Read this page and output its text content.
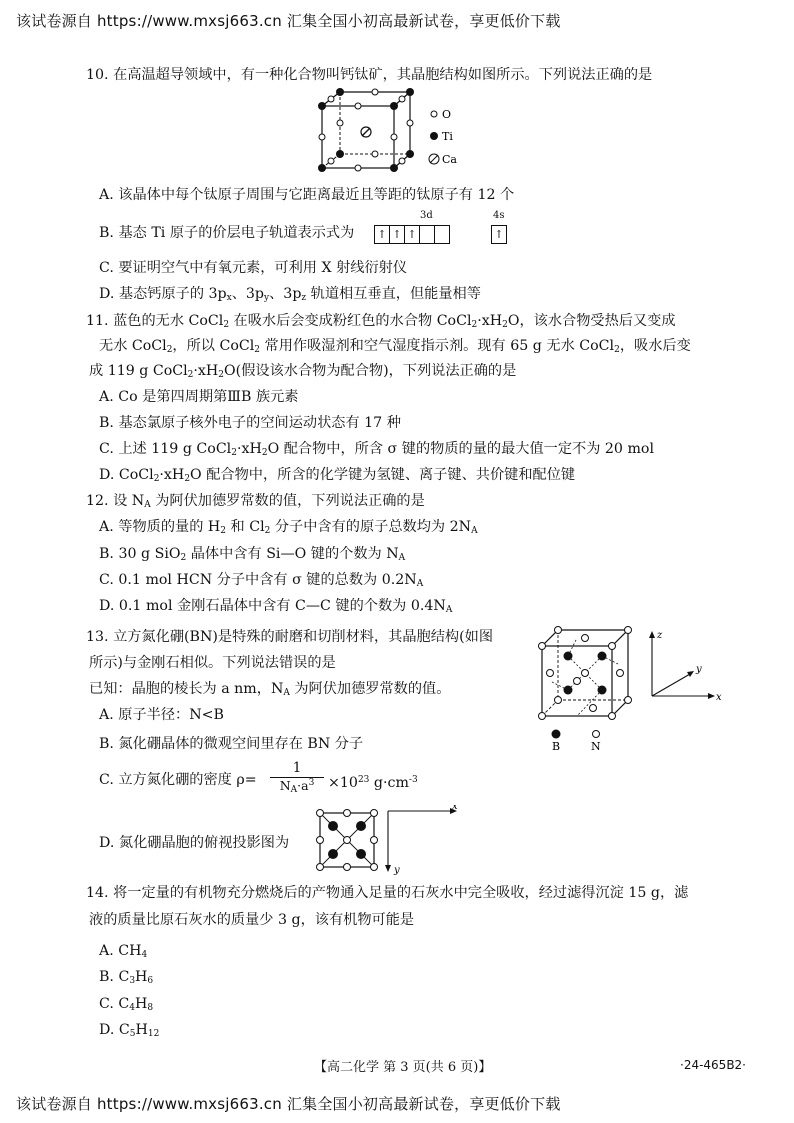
该试卷源自 https://www.mxsj663.cn 汇集全国小初高最新试卷，享更低价下载
10. 在高温超导领域中，有一种化合物叫钙钛矿，其晶胞结构如图所示。下列说法正确的是
O
Ti
Ca
A. 该晶体中每个钛原子周围与它距离最近且等距的钛原子有 12 个
B. 基态 Ti 原子的价层电子轨道表示式为
3d
↑ ↑ ↑
4s
↑
C. 要证明空气中有氧元素，可利用 X 射线衍射仪
D. 基态钙原子的 $3p_x$、$3p_y$、$3p_z$ 轨道相互垂直，但能量相等
11. 蓝色的无水 CoCl$_2$ 在吸水后会变成粉红色的水合物 $CoCl_2\cdot xH_2O$，该水合物受热后又变成
无水 CoCl$_2$，所以 CoCl$_2$ 常用作吸湿剂和空气湿度指示剂。现有 65 g 无水 CoCl$_2$，吸水后变
成 119 g $CoCl_2\cdot xH_2O$(假设该水合物为配合物)，下列说法正确的是
A. Co 是第四周期第ⅢB 族元素
B. 基态氯原子核外电子的空间运动状态有 17 种
C. 上述 119 g $CoCl_2\cdot xH_2O$ 配合物中，所含 σ 键的物质的量的最大值一定不为 20 mol
D. $CoCl_2\cdot xH_2O$ 配合物中，所含的化学键为氢键、离子键、共价键和配位键
12. 设 $N_A$ 为阿伏加德罗常数的值，下列说法正确的是
A. 等物质的量的 $H_2$ 和 $Cl_2$ 分子中含有的原子总数均为 $2N_A$
B. 30 g SiO$_2$ 晶体中含有 Si—O 键的个数为 $N_A$
C. 0.1 mol HCN 分子中含有 σ 键的总数为 $0.2N_A$
D. 0.1 mol 金刚石晶体中含有 C—C 键的个数为 $0.4N_A$
13. 立方氮化硼(BN)是特殊的耐磨和切削材料，其晶胞结构(如图
所示)与金刚石相似。下列说法错误的是
已知：晶胞的棱长为 a nm，$N_A$ 为阿伏加德罗常数的值。
A. 原子半径：N<B
B. 氮化硼晶体的微观空间里存在 BN 分子
C. 立方氮化硼的密度 $\rho= \frac{1}{N_A\cdot a^3} \times 10^{23}$ $g\cdot cm^{-3}$
D. 氮化硼晶胞的俯视投影图为
x
y
B	N
z
y
x
14. 将一定量的有机物充分燃烧后的产物通入足量的石灰水中完全吸收，经过滤得沉淀 15 g，滤
液的质量比原石灰水的质量少 3 g，该有机物可能是
A. $CH_4$
B. $C_3H_6$
C. $C_4H_8$
D. $C_5H_{12}$
【高二化学 第 3 页(共 6 页)】	·24-465B2·
该试卷源自 https://www.mxsj663.cn 汇集全国小初高最新试卷，享更低价下载
